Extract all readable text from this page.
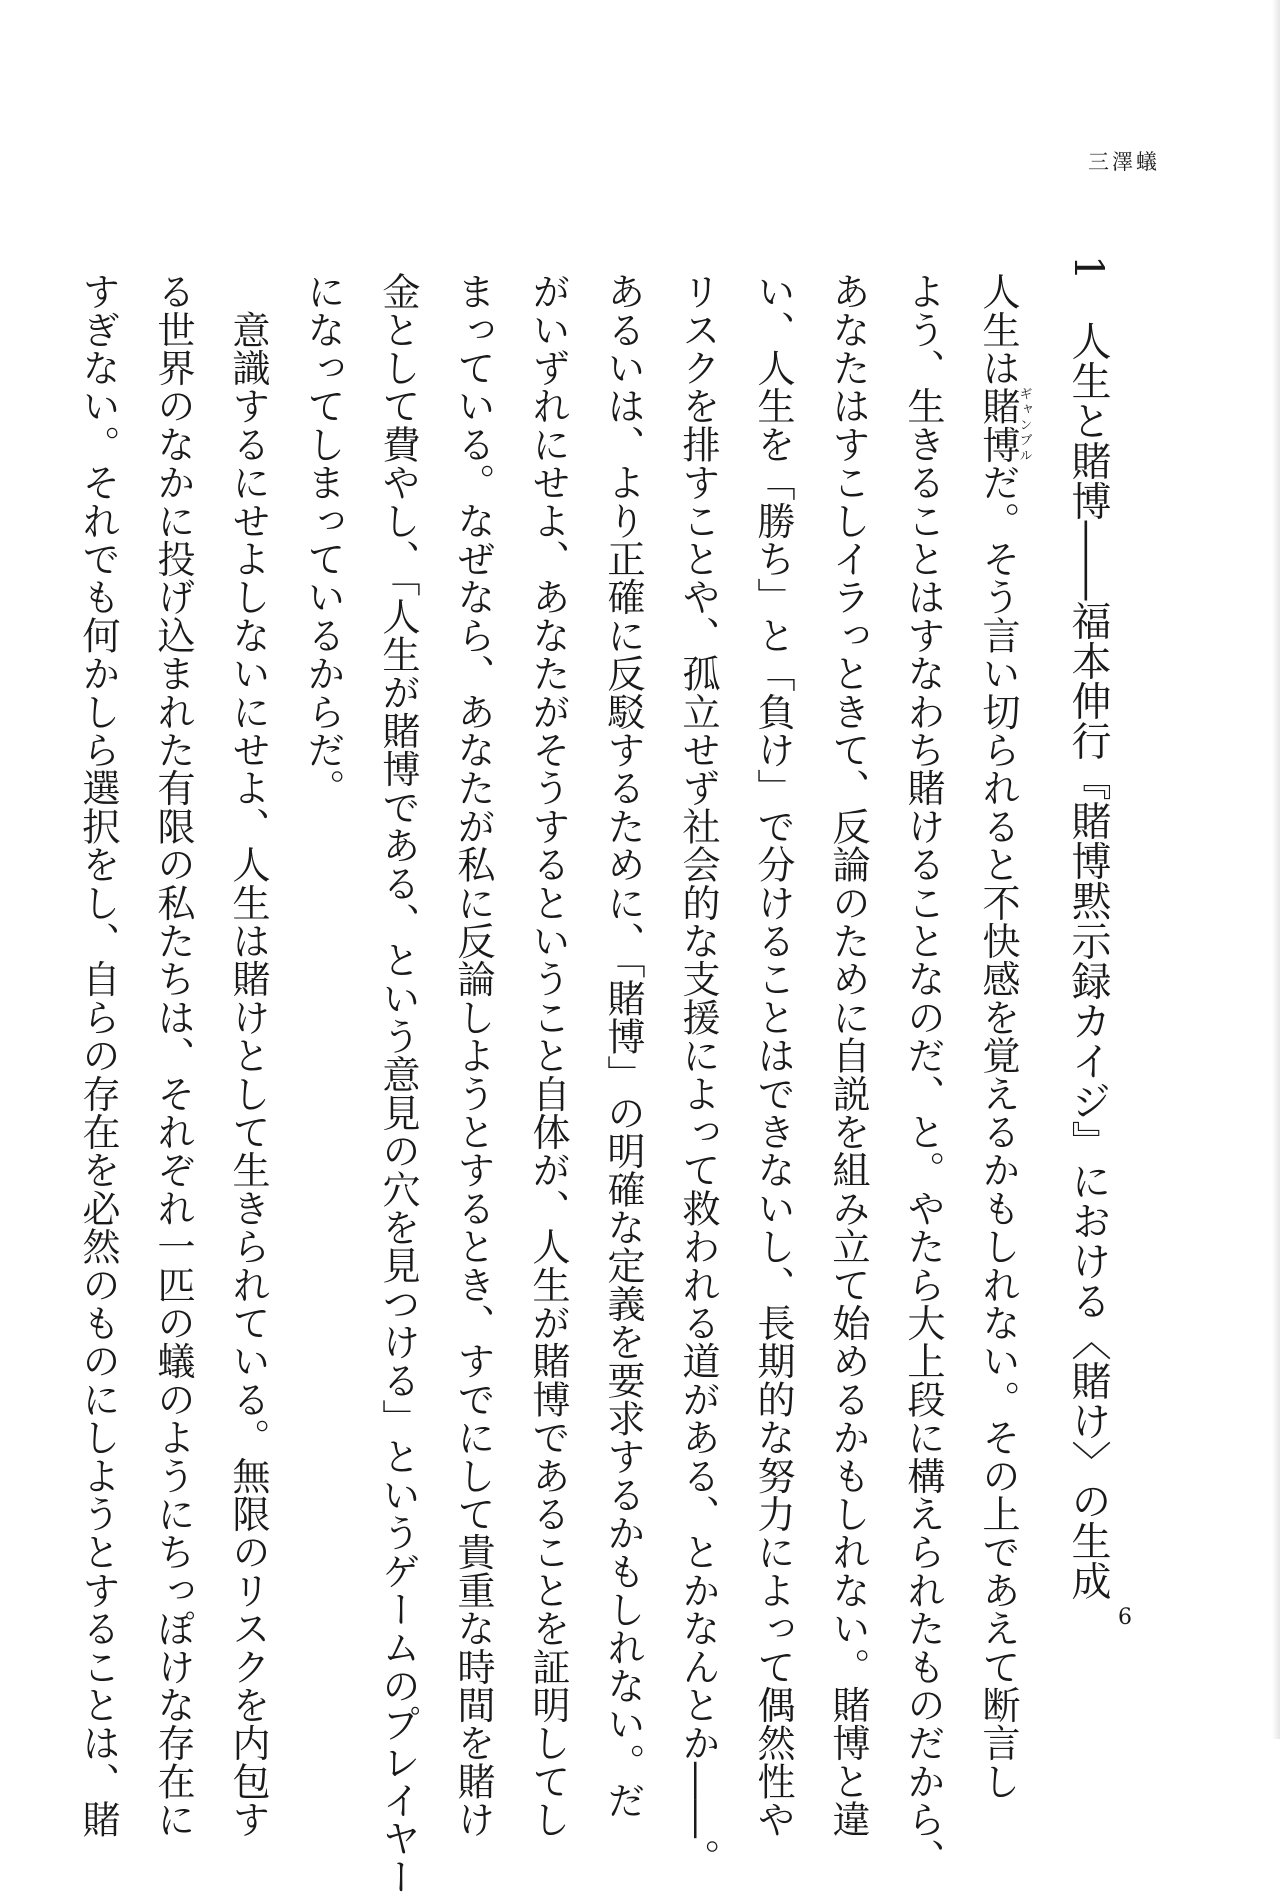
三澤蟻
1　人生と賭博――福本伸行『賭博黙示録カイジ』における〈賭け〉の生成
人生は賭博ギャンブルだ。そう言い切られると不快感を覚えるかもしれない。その上であえて断言し
よう、生きることはすなわち賭けることなのだ、と。やたら大上段に構えられたものだから、
あなたはすこしイラっときて、反論のために自説を組み立て始めるかもしれない。賭博と違
い、人生を「勝ち」と「負け」で分けることはできないし、長期的な努力によって偶然性や
リスクを排すことや、孤立せず社会的な支援によって救われる道がある、とかなんとか――。
あるいは、より正確に反駁するために、「賭博」の明確な定義を要求するかもしれない。だ
がいずれにせよ、あなたがそうするということ自体が、人生が賭博であることを証明してし
まっている。なぜなら、あなたが私に反論しようとするとき、すでにして貴重な時間を賭け
金として費やし、「人生が賭博である、という意見の穴を見つける」というゲームのプレイヤー
になってしまっているからだ。
　意識するにせよしないにせよ、人生は賭けとして生きられている。無限のリスクを内包す
る世界のなかに投げ込まれた有限の私たちは、それぞれ一匹の蟻のようにちっぽけな存在に
すぎない。それでも何かしら選択をし、自らの存在を必然のものにしようとすることは、賭	6
